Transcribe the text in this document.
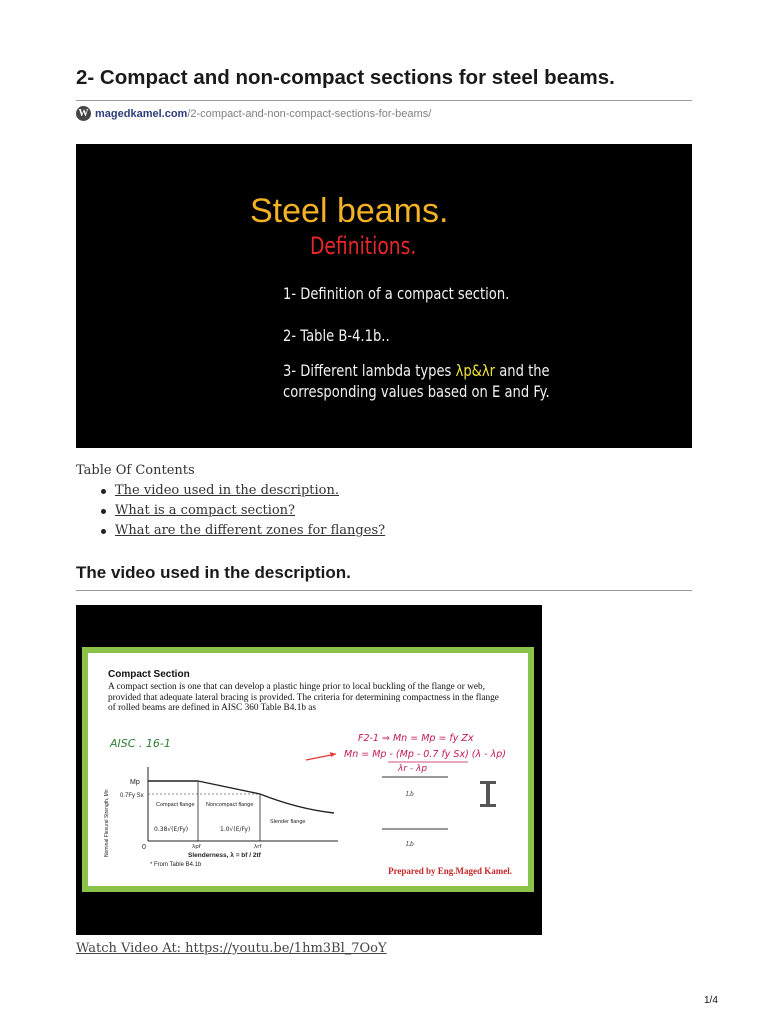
2- Compact and non-compact sections for steel beams.
W magedkamel.com /2-compact-and-non-compact-sections-for-beams/
Steel beams.
Definitions.
1- Definition of a compact section.
2- Table B-4.1b..
3- Different lambda types λp&λr and the
corresponding values based on E and Fy.
Table Of Contents
The video used in the description.
What is a compact section?
What are the different zones for flanges?
The video used in the description.
Compact Section
A compact section is one that can develop a plastic hinge prior to local buckling of the flange or web, provided that adequate lateral bracing is provided. The criteria for determining compactness in the flange of rolled beams are defined in AISC 360 Table B4.1b as
AISC . 16-1	F2-1 ⇒ Mn = Mp = fy Zx
Mn = Mp - (Mp - 0.7 fy Sx) (λ - λp)
λr - λp
Nominal Flexural Strength, Mn
Mp
0.7Fy Sx
0
Compact flange Noncompact flange
Slender flange
0.38√(E/Fy)	1.0√(E/Fy)
λpf	λrf
Slenderness, λ = bf / 2tf
* From Table B4.1b
Lb
Lb
Prepared by Eng.Maged Kamel.
Watch Video At: https://youtu.be/1hm3Bl_7OoY
1/4
